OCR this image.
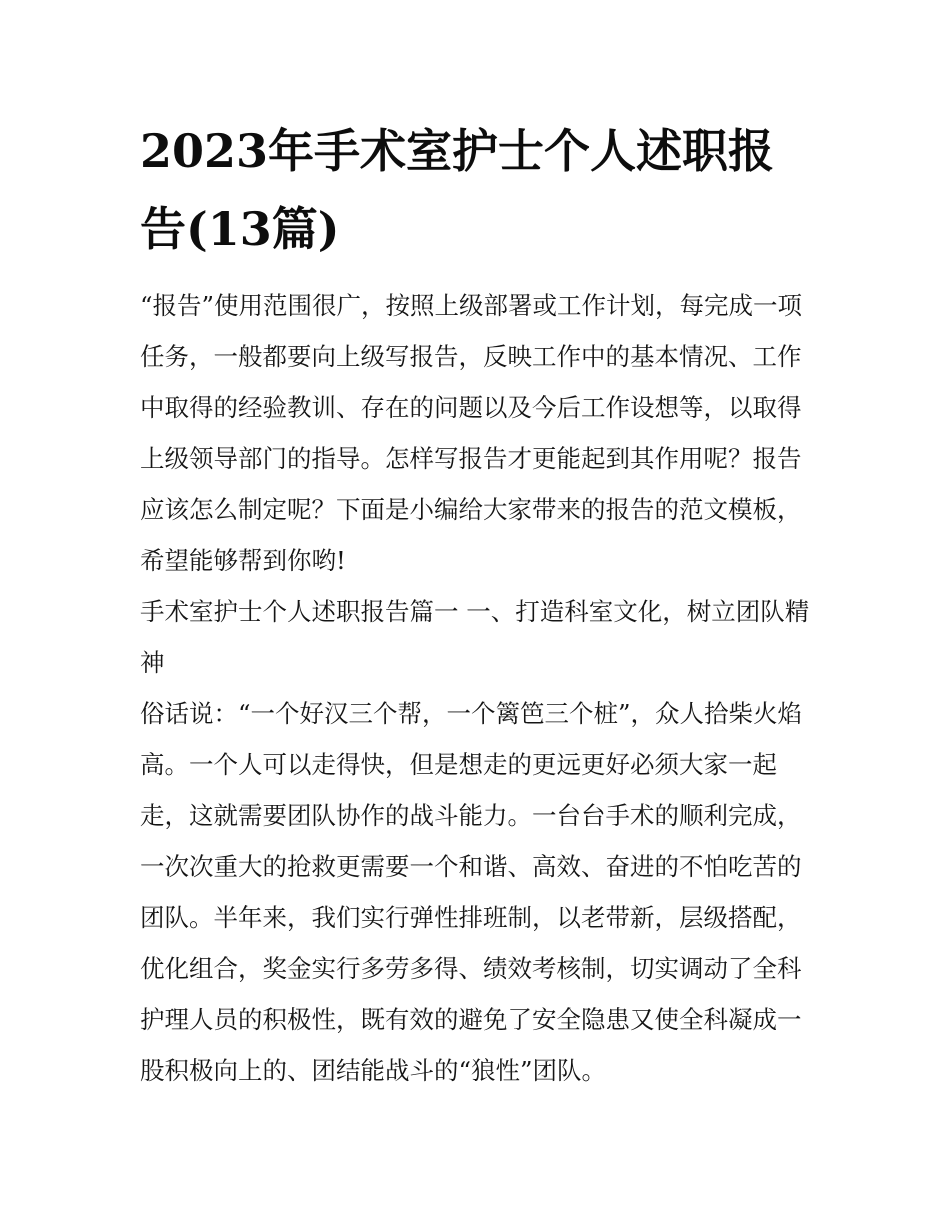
2023年手术室护士个人述职报告(13篇)

“报告”使用范围很广，按照上级部署或工作计划，每完成一项任务，一般都要向上级写报告，反映工作中的基本情况、工作中取得的经验教训、存在的问题以及今后工作设想等，以取得上级领导部门的指导。怎样写报告才更能起到其作用呢？报告应该怎么制定呢？下面是小编给大家带来的报告的范文模板，希望能够帮到你哟!

手术室护士个人述职报告篇一 一、打造科室文化，树立团队精神

俗话说：“一个好汉三个帮，一个篱笆三个桩”，众人拾柴火焰高。一个人可以走得快，但是想走的更远更好必须大家一起走，这就需要团队协作的战斗能力。一台台手术的顺利完成，一次次重大的抢救更需要一个和谐、高效、奋进的不怕吃苦的团队。半年来，我们实行弹性排班制，以老带新，层级搭配，优化组合，奖金实行多劳多得、绩效考核制，切实调动了全科护理人员的积极性，既有效的避免了安全隐患又使全科凝成一股积极向上的、团结能战斗的“狼性”团队。
